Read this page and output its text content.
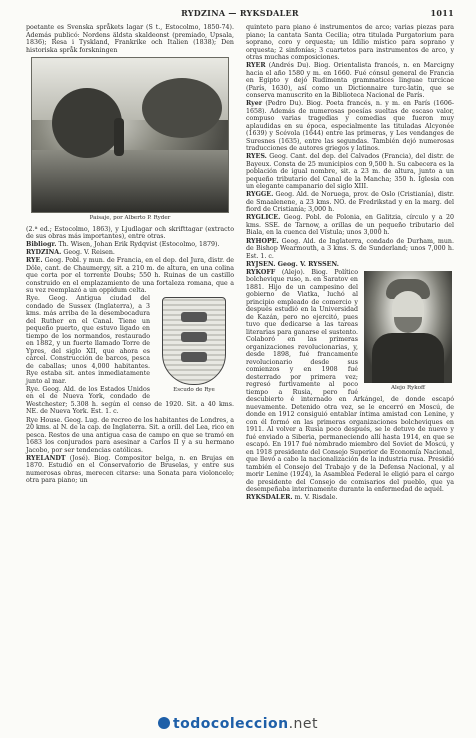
RYDZINA — RYKSDALER	1011

poetante es Svenska språkets lagar (S t., Estocolmo, 1850-74). Además publicó: Nordens äldsta skaldeonst (premiado, Upsala, 1836); Resa i Tyskland, Frankrike och Italien (1838); Den historiska språk forskningen

Paisaje, por Alberto P. Ryder

(2.ª ed.; Estocolmo, 1863), y Ljudlagar och skrifttagar (extracto de sus obras más importantes), entre otras.

Bibliogr. Th. Wisen, Johan Erik Rydqvist (Estocolmo, 1879).

RYDZINA. Geog. V. Reisen.

RYE. Geog. Pobl. y mun. de Francia, en el dep. del Jura, distr. de Dôle, cant. de Chaumergy, sit. a 210 m. de altura, en una colina que corta por el torrente Doubs; 550 h. Ruinas de un castillo construido en el emplazamiento de una fortaleza romana, que a su vez reemplazó a un oppidum celta.

Escudo de Rye

Rye. Geog. Antigua ciudad del condado de Sussex (Inglaterra), a 3 kms. más arriba de la desembocadura del Ruther en el Canal. Tiene un pequeño puerto, que estuvo ligado en tiempo de los normandos, restaurado en 1882, y un fuerte llamado Torre de Ypres, del siglo XII, que ahora es cárcel. Construcción de barcos, pesca de caballas; unos 4,000 habitantes. Rye estaba sit. antes inmediatamente junto al mar.

Rye. Geog. Ald. de los Estados Unidos en el de Nueva York, condado de Westchester; 5.308 h. según el censo de 1920. Sit. a 40 kms. NE. de Nueva York. Est. 1. c.

Rye House. Geog. Lug. de recreo de los habitantes de Londres, a 20 kms. al N. de la cap. de Inglaterra. Sit. a orill. del Lea, rico en pesca. Restos de una antigua casa de campo en que se tramó en 1683 los conjurados para asesinar a Carlos II y a su hermano Jacobo, por ser tendencias católicas.

RYELANDT (José). Biog. Compositor belga, n. en Brujas en 1870. Estudió en el Conservatorio de Bruselas, y entre sus numerosas obras, merecen citarse: una Sonata para violoncelo; otra para piano; un

quinteto para piano é instrumentos de arco; varias piezas para piano; la cantata Santa Cecilia; otra titulada Purgatorium para soprano, coro y orquesta; un Idilio místico para soprano y orquesta; 2 sinfonías; 3 cuartetos para instrumentos de arco, y otras muchas composiciones.

RYER (Andrés Du). Biog. Orientalista francés, n. en Marcigny hacia el año 1580 y m. en 1660. Fué cónsul general de Francia en Egipto y dejó Rudimenta grammatices linguae turcicae (París, 1630), así como un Dictionnaire turc-latin, que se conserva manuscrito en la Biblioteca Nacional de París.

Ryer (Pedro Du). Biog. Poeta francés, n. y m. en París (1606-1658). Además de numerosas poesías sueltas de escaso valor, compuso varias tragedias y comedias que fueron muy aplaudidas en su época, especialmente las tituladas Alcyonée (1639) y Scévola (1644) entre las primeras, y Les vendanges de Suresnes (1635), entre las segundas. También dejó numerosas traducciones de autores griegos y latinos.

RYES. Geog. Cant. del dep. del Calvados (Francia), del distr. de Bayeux. Consta de 25 municipios con 9,500 h. Su cabecera es la población de igual nombre, sit. a 23 m. de altura, junto a un pequeño tributario del Canal de la Mancha; 350 h. Iglesia con un elegante campanario del siglo XIII.

RYGGE. Geog. Ald. de Noruega, prov. de Oslo (Cristianía), distr. de Smaalenene, a 23 kms. NO. de Fredrikstad y en la marg. del fiord de Cristianía; 3,000 h.

RYGLICE. Geog. Pobl. de Polonia, en Galitzia, círculo y a 20 kms. SSE. de Tarnow, a orillas de un pequeño tributario del Biala, en la cuenca del Vístula; unos 3,000 h.

RYHOPE. Geog. Ald. de Inglaterra, condado de Durham, mun. de Bishop Wearmouth, a 3 kms. S. de Sunderland; unos 7,000 h. Est. 1. c.

RYJSEN. Geog. V. RYSSEN.

Alejo Rykoff

RYKOFF (Alejo). Biog. Político bolchevique ruso, n. en Saratov en 1881. Hijo de un campesino del gobierno de Viatka, luchó al principio empleado de comercio y después estudió en la Universidad de Kazán, pero no ejercitó, pues tuvo que dedicarse a las tareas literarias para ganarse el sustento. Colaboró en las primeras organizaciones revolucionarias, y, desde 1898, fué francamente revolucionario desde sus comienzos y en 1908 fué desterrado por primera vez; regresó furtivamente al poco tiempo a Rusia, pero fué descubierto é internado en Arkángel, de donde escapó nuevamente. Detenido otra vez, se le encerró en Moscú, de donde en 1912 consiguió entablar íntima amistad con Lenine, y con él formó en las primeras organizaciones bolcheviques en 1911. Al volver a Rusia poco después, se le detuvo de nuevo y fué enviado a Siberia, permaneciendo allí hasta 1914, en que se escapó. En 1917 fué nombrado miembro del Soviet de Moscú, y en 1918 presidente del Consejo Superior de Economía Nacional, que llevó a cabo la nacionalización de la industria rusa. Presidió también el Consejo del Trabajo y de la Defensa Nacional, y al morir Lenine (1924), la Asamblea Federal le eligió para el cargo de presidente del Consejo de comisarios del pueblo, que ya desempeñaba interinamente durante la enfermedad de aquél.

RYKSDALER. m. V. Risdale.

todocoleccion.net
